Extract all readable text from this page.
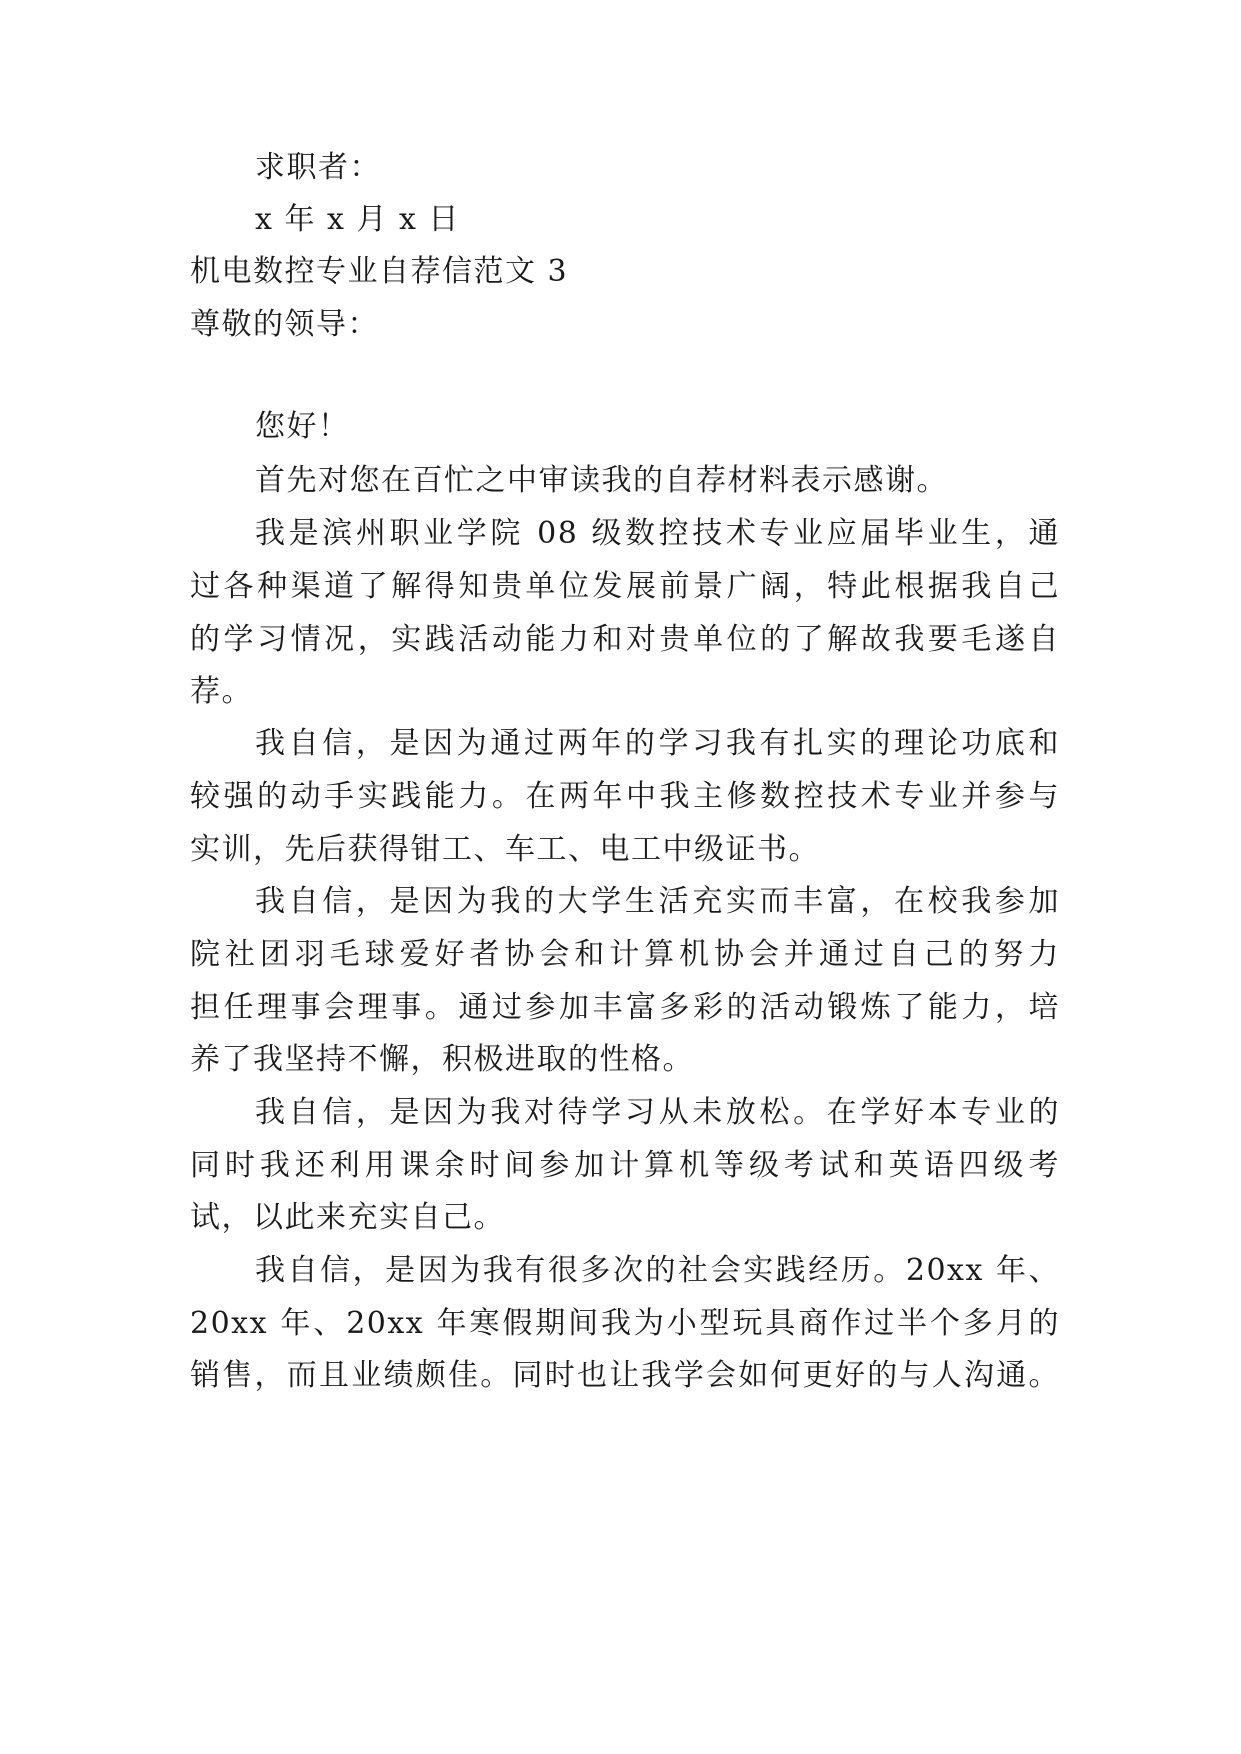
求职者：
x 年 x 月 x 日
机电数控专业自荐信范文 3
尊敬的领导：
您好！
首先对您在百忙之中审读我的自荐材料表示感谢。
我是滨州职业学院 08 级数控技术专业应届毕业生，通
过各种渠道了解得知贵单位发展前景广阔，特此根据我自己
的学习情况，实践活动能力和对贵单位的了解故我要毛遂自
荐。
我自信，是因为通过两年的学习我有扎实的理论功底和
较强的动手实践能力。在两年中我主修数控技术专业并参与
实训，先后获得钳工、车工、电工中级证书。
我自信，是因为我的大学生活充实而丰富，在校我参加
院社团羽毛球爱好者协会和计算机协会并通过自己的努力
担任理事会理事。通过参加丰富多彩的活动锻炼了能力，培
养了我坚持不懈，积极进取的性格。
我自信，是因为我对待学习从未放松。在学好本专业的
同时我还利用课余时间参加计算机等级考试和英语四级考
试，以此来充实自己。
我自信，是因为我有很多次的社会实践经历。20xx 年、
20xx 年、20xx 年寒假期间我为小型玩具商作过半个多月的
销售，而且业绩颇佳。同时也让我学会如何更好的与人沟通。
